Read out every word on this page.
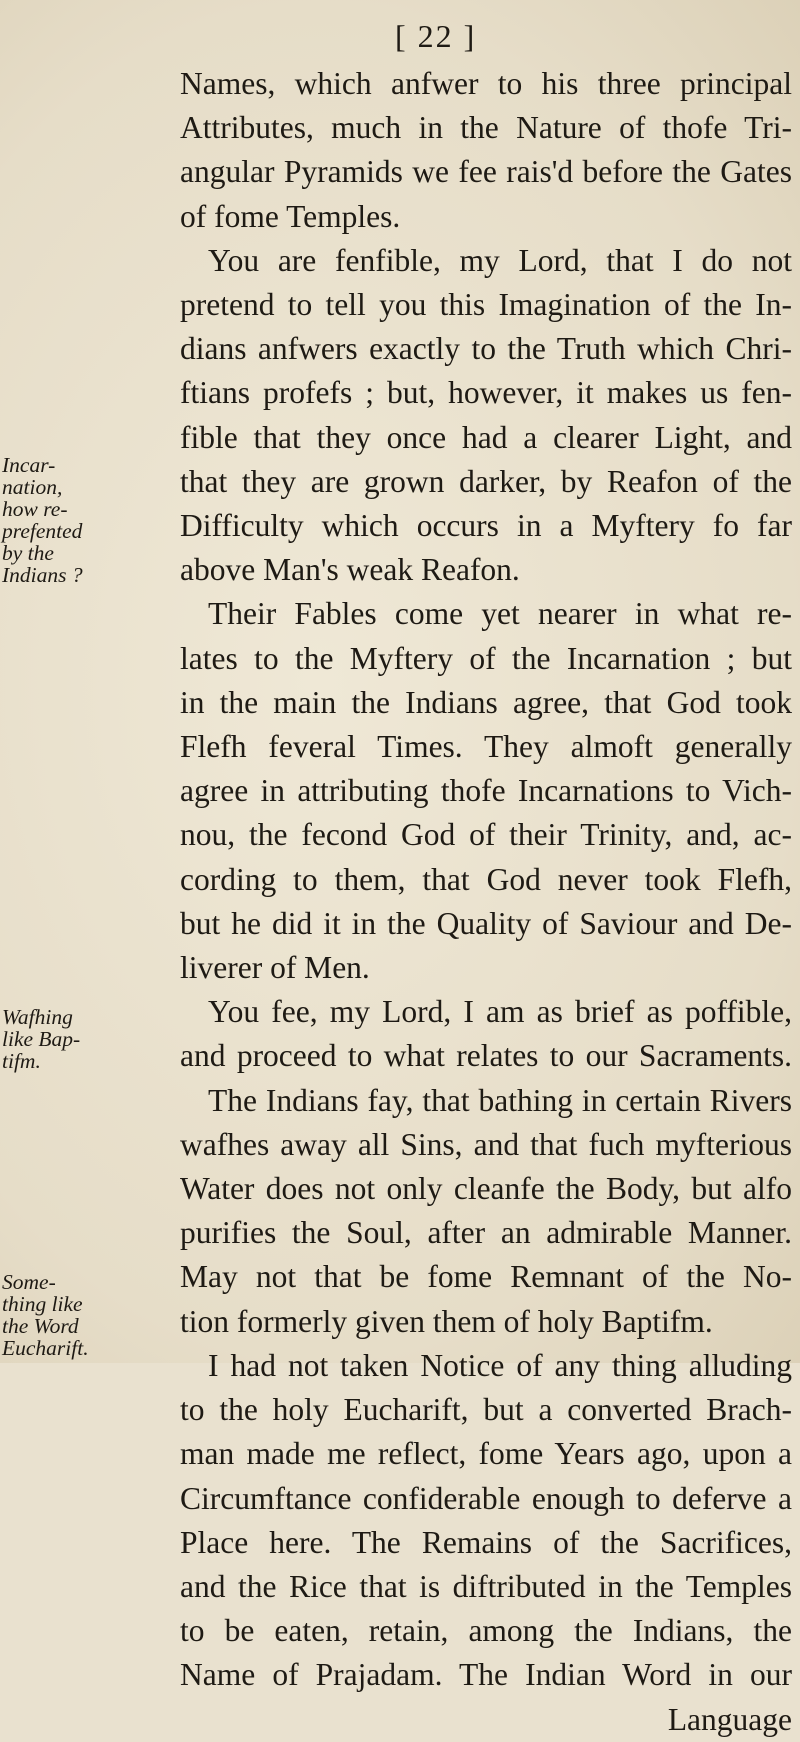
[ 22 ]
Incar-
nation,
how re-
prefented
by the
Indians ?
Wafhing
like Bap-
tifm.
Some-
thing like
the Word
Eucharift.
Names, which anfwer to his three principal
Attributes, much in the Nature of thofe Tri-
angular Pyramids we fee rais'd before the Gates
of fome Temples.
You are fenfible, my Lord, that I do not
pretend to tell you this Imagination of the In-
dians anfwers exactly to the Truth which Chri-
ftians profefs ; but, however, it makes us fen-
fible that they once had a clearer Light, and
that they are grown darker, by Reafon of the
Difficulty which occurs in a Myftery fo far
above Man's weak Reafon.
Their Fables come yet nearer in what re-
lates to the Myftery of the Incarnation ; but
in the main the Indians agree, that God took
Flefh feveral Times. They almoft generally
agree in attributing thofe Incarnations to Vich-
nou, the fecond God of their Trinity, and, ac-
cording to them, that God never took Flefh,
but he did it in the Quality of Saviour and De-
liverer of Men.
You fee, my Lord, I am as brief as poffible,
and proceed to what relates to our Sacraments.
The Indians fay, that bathing in certain Rivers
wafhes away all Sins, and that fuch myfterious
Water does not only cleanfe the Body, but alfo
purifies the Soul, after an admirable Manner.
May not that be fome Remnant of the No-
tion formerly given them of holy Baptifm.
I had not taken Notice of any thing alluding
to the holy Eucharift, but a converted Brach-
man made me reflect, fome Years ago, upon a
Circumftance confiderable enough to deferve a
Place here. The Remains of the Sacrifices,
and the Rice that is diftributed in the Temples
to be eaten, retain, among the Indians, the
Name of Prajadam. The Indian Word in our
Language
